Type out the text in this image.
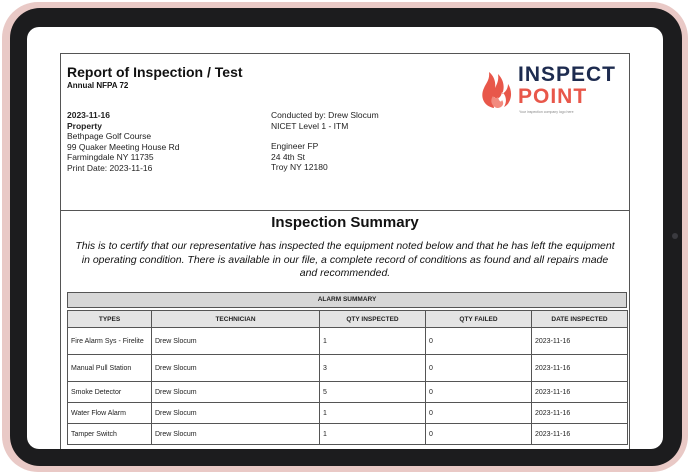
Report of Inspection / Test
Annual NFPA 72	INSPECT
POINT
Your inspection company logo here
2023-11-16
Property
Bethpage Golf Course
99 Quaker Meeting House Rd
Farmingdale NY 11735
Print Date: 2023-11-16
Conducted by: Drew Slocum
NICET Level 1 - ITM
Engineer FP
24 4th St
Troy NY 12180
Inspection Summary
This is to certify that our representative has inspected the equipment noted below and that he has left the equipment in operating condition. There is available in our file, a complete record of conditions as found and all repairs made and recommended.
ALARM SUMMARY
TYPES	TECHNICIAN	QTY INSPECTED	QTY FAILED	DATE INSPECTED
Fire Alarm Sys - Firelite	Drew Slocum	1	0	2023-11-16
Manual Pull Station	Drew Slocum	3	0	2023-11-16
Smoke Detector	Drew Slocum	5	0	2023-11-16
Water Flow Alarm	Drew Slocum	1	0	2023-11-16
Tamper Switch	Drew Slocum	1	0	2023-11-16
